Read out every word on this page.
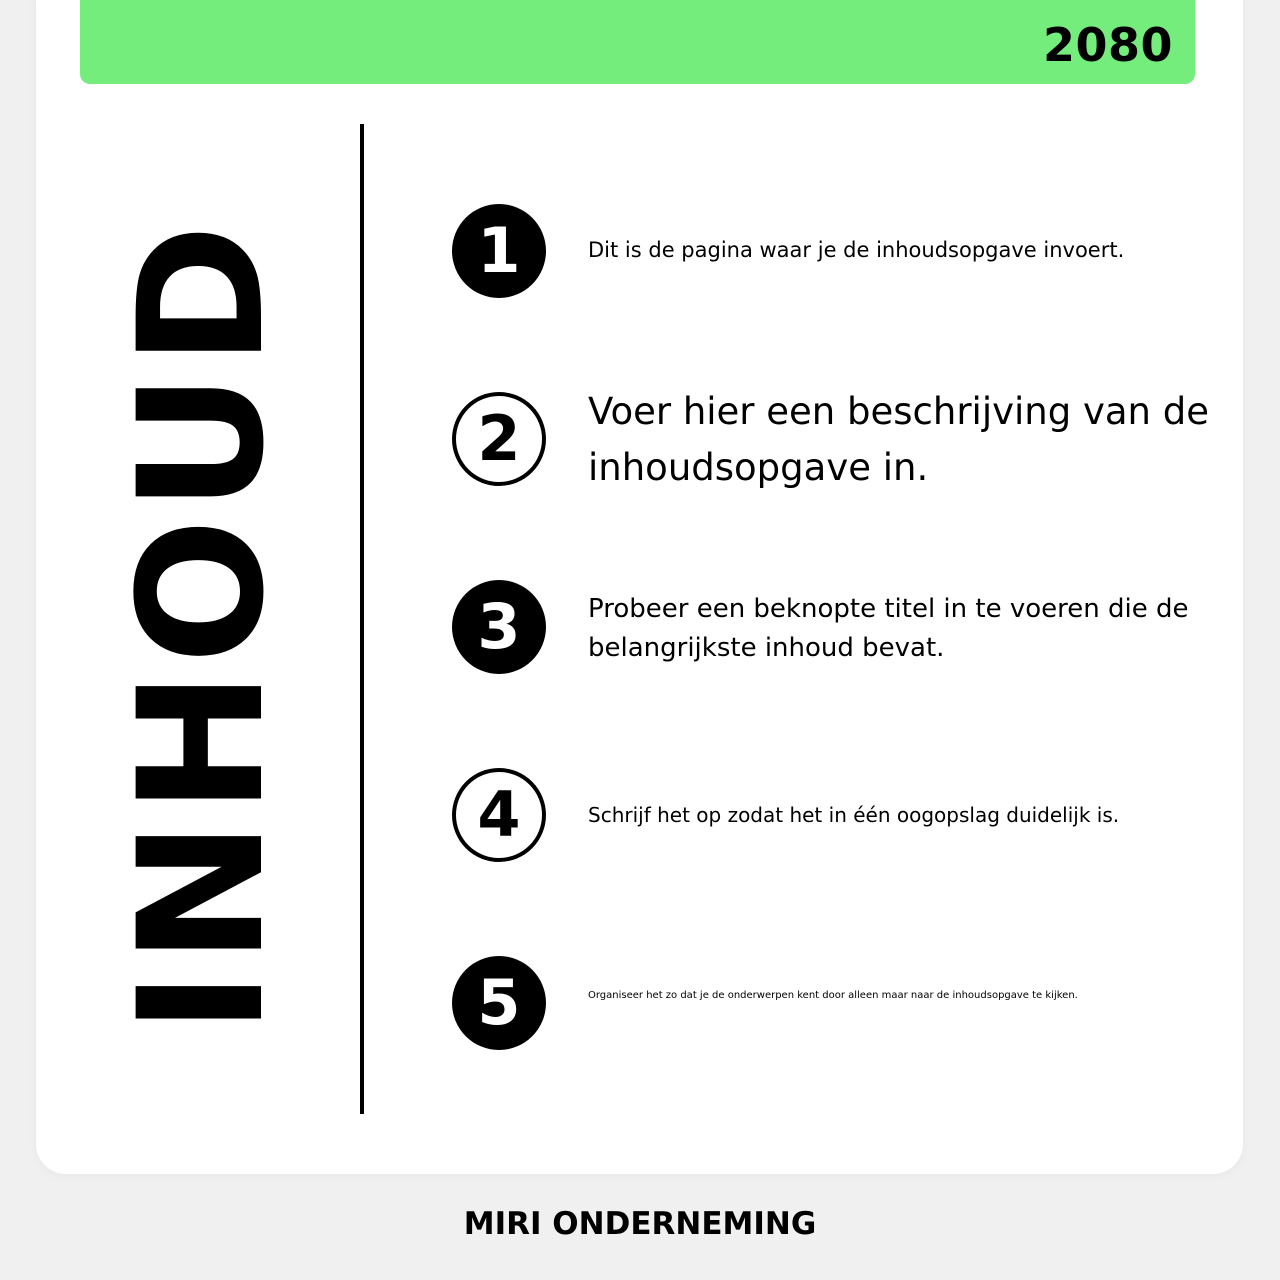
2080
INHOUD	1	Dit is de pagina waar je de inhoudsopgave invoert.
2	Voer hier een beschrijving van de inhoudsopgave in.
3	Probeer een beknopte titel in te voeren die de belangrijkste inhoud bevat.
4	Schrijf het op zodat het in één oogopslag duidelijk is.
5	Organiseer het zo dat je de onderwerpen kent door alleen maar naar de inhoudsopgave te kijken.
MIRI ONDERNEMING
